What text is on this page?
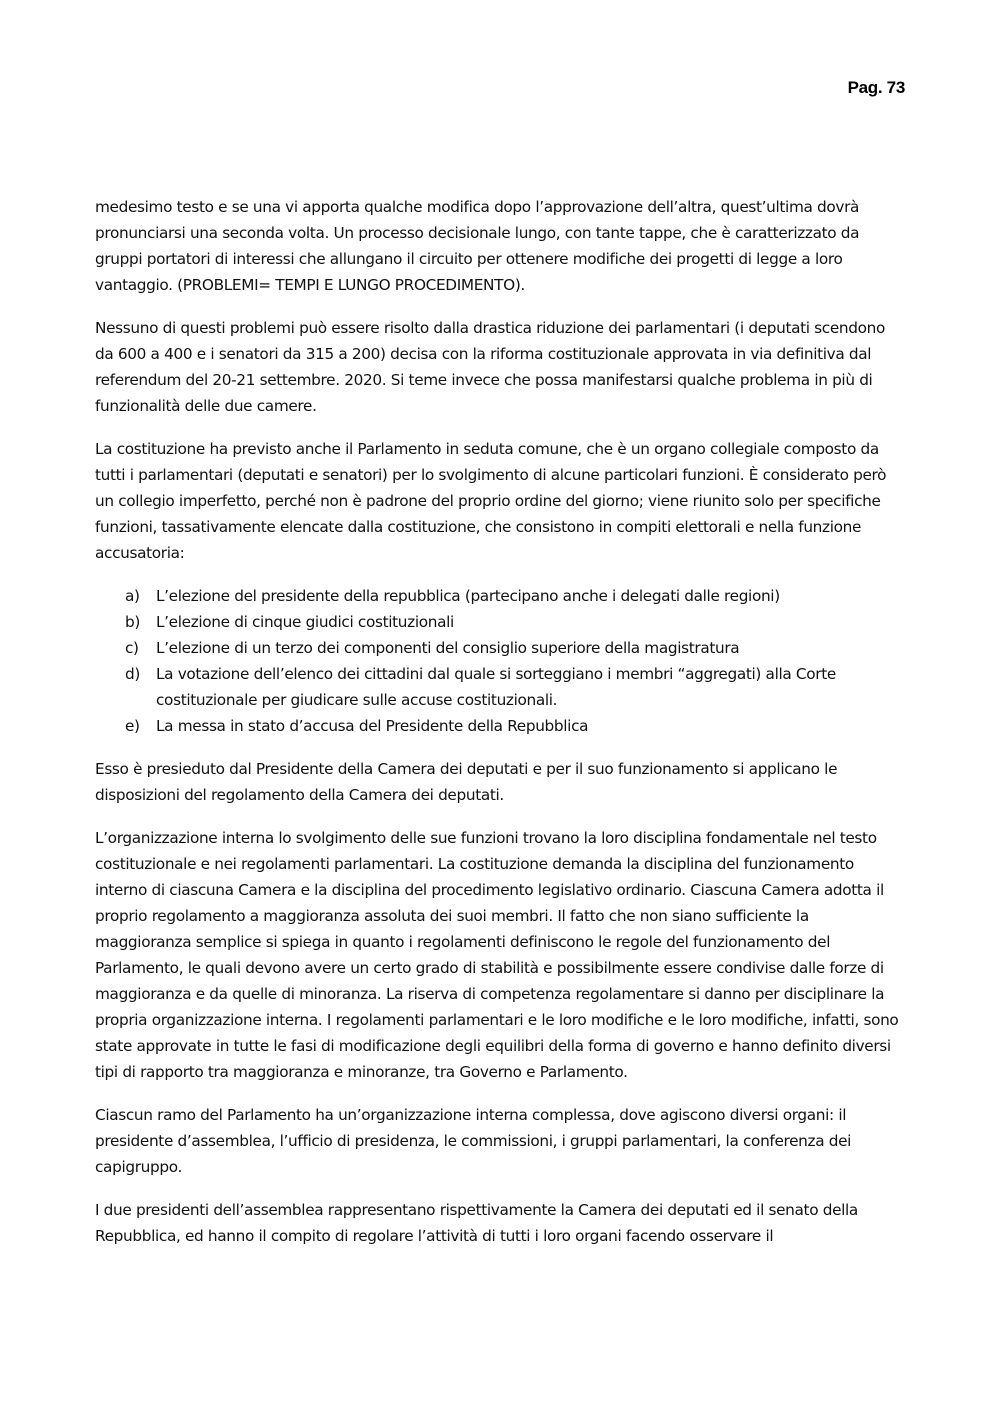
Pag. 73

medesimo testo e se una vi apporta qualche modifica dopo l’approvazione dell’altra, quest’ultima dovrà pronunciarsi una seconda volta. Un processo decisionale lungo, con tante tappe, che è caratterizzato da gruppi portatori di interessi che allungano il circuito per ottenere modifiche dei progetti di legge a loro vantaggio. (PROBLEMI= TEMPI E LUNGO PROCEDIMENTO).

Nessuno di questi problemi può essere risolto dalla drastica riduzione dei parlamentari (i deputati scendono da 600 a 400 e i senatori da 315 a 200) decisa con la riforma costituzionale approvata in via definitiva dal referendum del 20-21 settembre. 2020. Si teme invece che possa manifestarsi qualche problema in più di funzionalità delle due camere.

La costituzione ha previsto anche il Parlamento in seduta comune, che è un organo collegiale composto da tutti i parlamentari (deputati e senatori) per lo svolgimento di alcune particolari funzioni. È considerato però un collegio imperfetto, perché non è padrone del proprio ordine del giorno; viene riunito solo per specifiche funzioni, tassativamente elencate dalla costituzione, che consistono in compiti elettorali e nella funzione accusatoria:

a) L’elezione del presidente della repubblica (partecipano anche i delegati dalle regioni)
b) L’elezione di cinque giudici costituzionali
c) L’elezione di un terzo dei componenti del consiglio superiore della magistratura
d) La votazione dell’elenco dei cittadini dal quale si sorteggiano i membri “aggregati) alla Corte costituzionale per giudicare sulle accuse costituzionali.
e) La messa in stato d’accusa del Presidente della Repubblica

Esso è presieduto dal Presidente della Camera dei deputati e per il suo funzionamento si applicano le disposizioni del regolamento della Camera dei deputati.

L’organizzazione interna lo svolgimento delle sue funzioni trovano la loro disciplina fondamentale nel testo costituzionale e nei regolamenti parlamentari. La costituzione demanda la disciplina del funzionamento interno di ciascuna Camera e la disciplina del procedimento legislativo ordinario. Ciascuna Camera adotta il proprio regolamento a maggioranza assoluta dei suoi membri. Il fatto che non siano sufficiente la maggioranza semplice si spiega in quanto i regolamenti definiscono le regole del funzionamento del Parlamento, le quali devono avere un certo grado di stabilità e possibilmente essere condivise dalle forze di maggioranza e da quelle di minoranza. La riserva di competenza regolamentare si danno per disciplinare la propria organizzazione interna. I regolamenti parlamentari e le loro modifiche e le loro modifiche, infatti, sono state approvate in tutte le fasi di modificazione degli equilibri della forma di governo e hanno definito diversi tipi di rapporto tra maggioranza e minoranze, tra Governo e Parlamento.

Ciascun ramo del Parlamento ha un’organizzazione interna complessa, dove agiscono diversi organi: il presidente d’assemblea, l’ufficio di presidenza, le commissioni, i gruppi parlamentari, la conferenza dei capigruppo.

I due presidenti dell’assemblea rappresentano rispettivamente la Camera dei deputati ed il senato della Repubblica, ed hanno il compito di regolare l’attività di tutti i loro organi facendo osservare il
